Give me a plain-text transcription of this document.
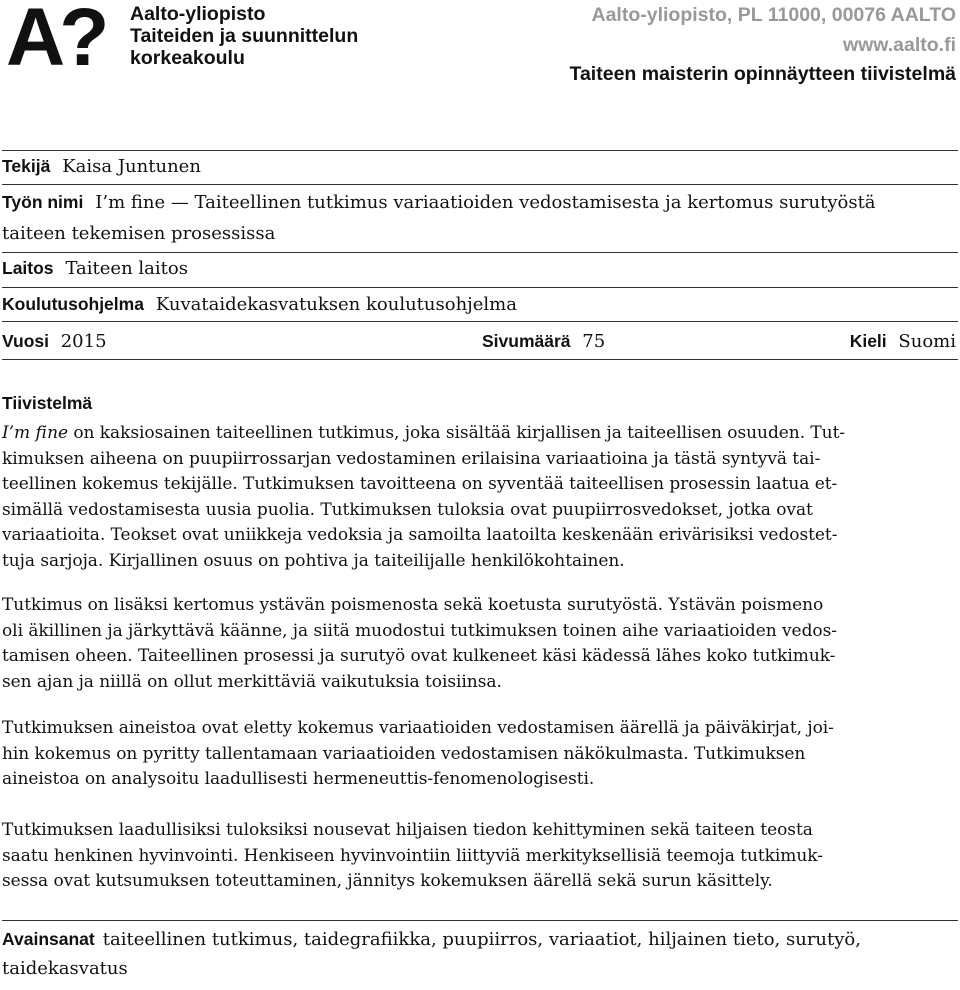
A? Aalto-yliopisto
Taiteiden ja suunnittelun
korkeakoulu
Aalto-yliopisto, PL 11000, 00076 AALTO
www.aalto.fi
Taiteen maisterin opinnäytteen tiivistelmä
Tekijä Kaisa Juntunen
Työn nimi I’m fine — Taiteellinen tutkimus variaatioiden vedostamisesta ja kertomus surutyöstä
taiteen tekemisen prosessissa
Laitos Taiteen laitos
Koulutusohjelma Kuvataidekasvatuksen koulutusohjelma
Vuosi 2015	Sivumäärä 75	Kieli Suomi
Tiivistelmä
I’m fine on kaksiosainen taiteellinen tutkimus, joka sisältää kirjallisen ja taiteellisen osuuden. Tut-
kimuksen aiheena on puupiirrossarjan vedostaminen erilaisina variaatioina ja tästä syntyvä tai-
teellinen kokemus tekijälle. Tutkimuksen tavoitteena on syventää taiteellisen prosessin laatua et-
simällä vedostamisesta uusia puolia. Tutkimuksen tuloksia ovat puupiirrosvedokset, jotka ovat
variaatioita. Teokset ovat uniikkeja vedoksia ja samoilta laatoilta keskenään erivärisiksi vedostet-
tuja sarjoja. Kirjallinen osuus on pohtiva ja taiteilijalle henkilökohtainen.
Tutkimus on lisäksi kertomus ystävän poismenosta sekä koetusta surutyöstä. Ystävän poismeno
oli äkillinen ja järkyttävä käänne, ja siitä muodostui tutkimuksen toinen aihe variaatioiden vedos-
tamisen oheen. Taiteellinen prosessi ja surutyö ovat kulkeneet käsi kädessä lähes koko tutkimuk-
sen ajan ja niillä on ollut merkittäviä vaikutuksia toisiinsa.
Tutkimuksen aineistoa ovat eletty kokemus variaatioiden vedostamisen äärellä ja päiväkirjat, joi-
hin kokemus on pyritty tallentamaan variaatioiden vedostamisen näkökulmasta. Tutkimuksen
aineistoa on analysoitu laadullisesti hermeneuttis-fenomenologisesti.
Tutkimuksen laadullisiksi tuloksiksi nousevat hiljaisen tiedon kehittyminen sekä taiteen teosta
saatu henkinen hyvinvointi. Henkiseen hyvinvointiin liittyviä merkityksellisiä teemoja tutkimuk-
sessa ovat kutsumuksen toteuttaminen, jännitys kokemuksen äärellä sekä surun käsittely.
Avainsanat taiteellinen tutkimus, taidegrafiikka, puupiirros, variaatiot, hiljainen tieto, surutyö,
taidekasvatus
